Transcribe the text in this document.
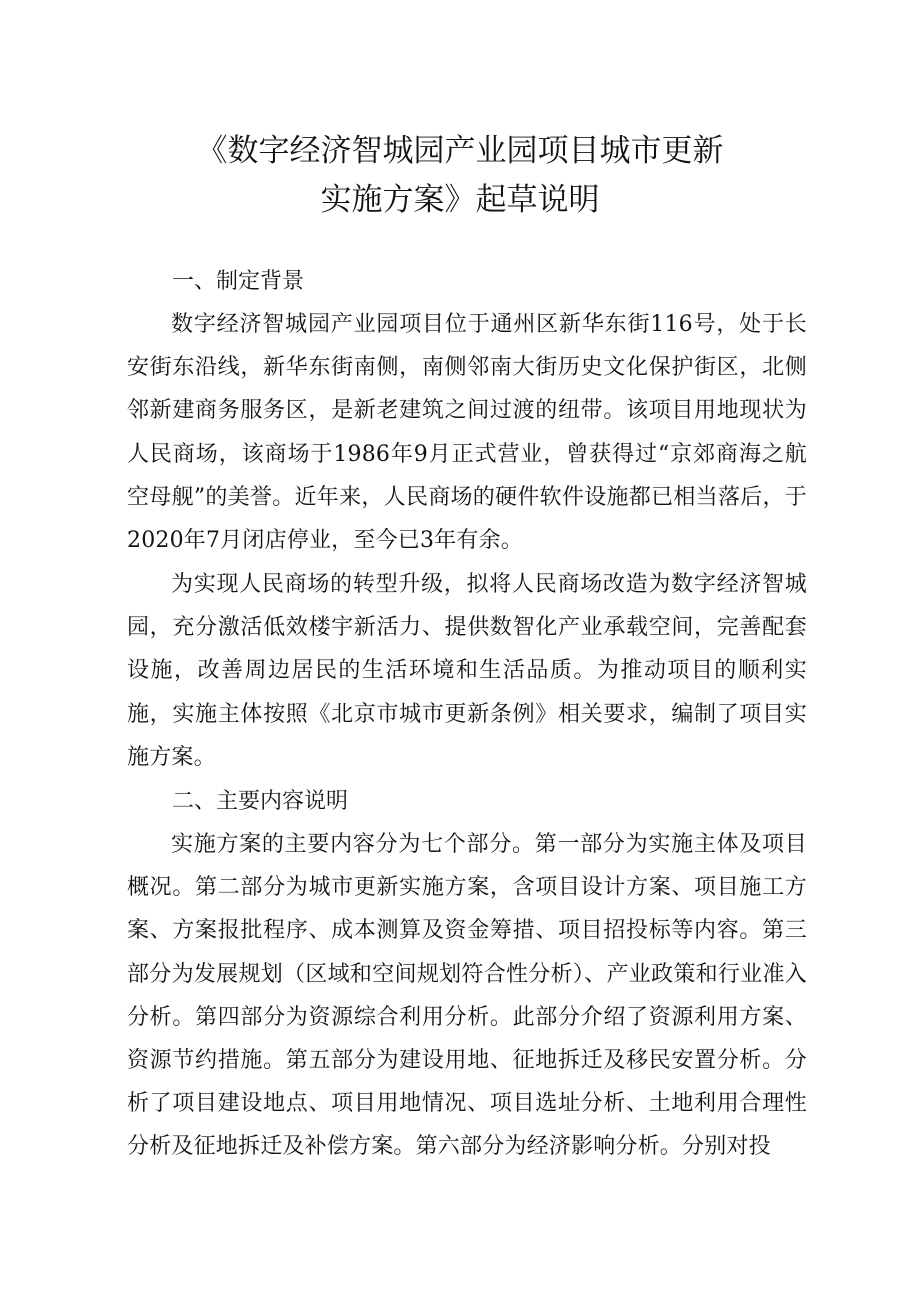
《数字经济智城园产业园项目城市更新
实施方案》起草说明
一、制定背景

数字经济智城园产业园项目位于通州区新华东街116号，处于长安街东沿线，新华东街南侧，南侧邻南大街历史文化保护街区，北侧邻新建商务服务区，是新老建筑之间过渡的纽带。该项目用地现状为人民商场，该商场于1986年9月正式营业，曾获得过“京郊商海之航空母舰”的美誉。近年来，人民商场的硬件软件设施都已相当落后，于2020年7月闭店停业，至今已3年有余。

为实现人民商场的转型升级，拟将人民商场改造为数字经济智城园，充分激活低效楼宇新活力、提供数智化产业承载空间，完善配套设施，改善周边居民的生活环境和生活品质。为推动项目的顺利实施，实施主体按照《北京市城市更新条例》相关要求，编制了项目实施方案。

二、主要内容说明

实施方案的主要内容分为七个部分。第一部分为实施主体及项目概况。第二部分为城市更新实施方案，含项目设计方案、项目施工方案、方案报批程序、成本测算及资金筹措、项目招投标等内容。第三部分为发展规划（区域和空间规划符合性分析）、产业政策和行业准入分析。第四部分为资源综合利用分析。此部分介绍了资源利用方案、资源节约措施。第五部分为建设用地、征地拆迁及移民安置分析。分析了项目建设地点、项目用地情况、项目选址分析、土地利用合理性分析及征地拆迁及补偿方案。第六部分为经济影响分析。分别对投
